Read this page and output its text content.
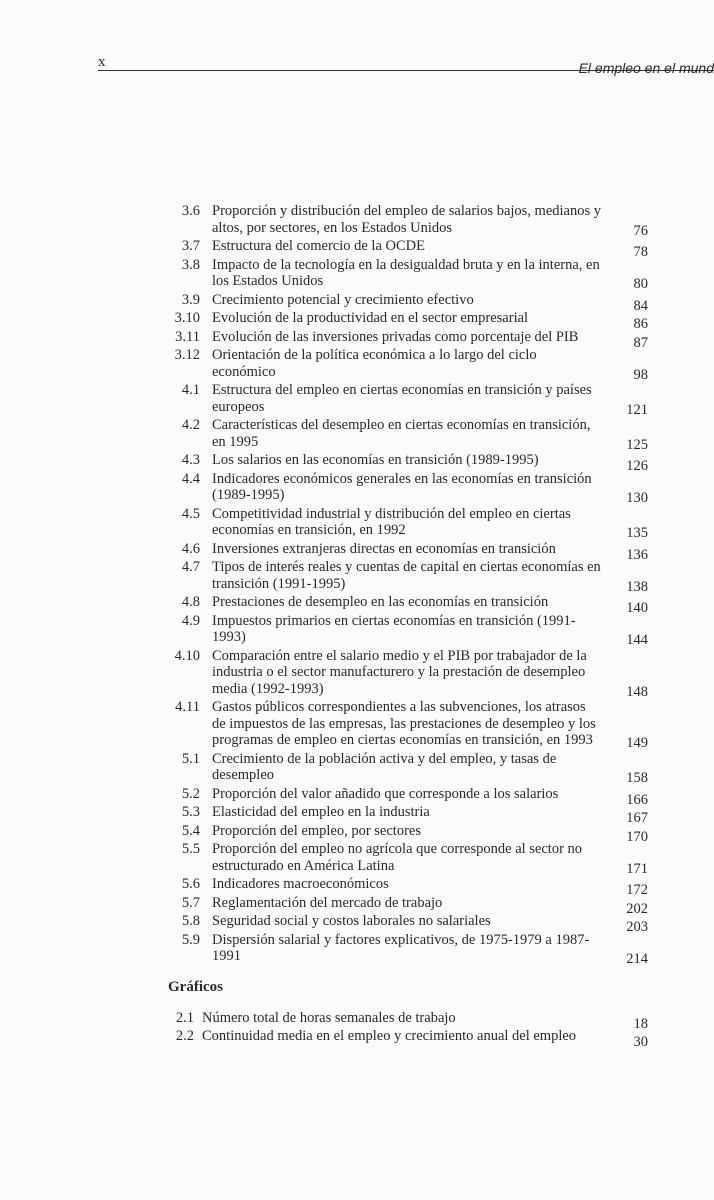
x	El empleo en el mund
3.6 Proporción y distribución del empleo de salarios bajos, medianos y altos, por sectores, en los Estados Unidos	76
3.7 Estructura del comercio de la OCDE	78
3.8 Impacto de la tecnología en la desigualdad bruta y en la interna, en los Estados Unidos	80
3.9 Crecimiento potencial y crecimiento efectivo	84
3.10 Evolución de la productividad en el sector empresarial	86
3.11 Evolución de las inversiones privadas como porcentaje del PIB	87
3.12 Orientación de la política económica a lo largo del ciclo económico	98
4.1 Estructura del empleo en ciertas economías en transición y países europeos	121
4.2 Características del desempleo en ciertas economías en transición, en 1995	125
4.3 Los salarios en las economías en transición (1989-1995)	126
4.4 Indicadores económicos generales en las economías en transición (1989-1995)	130
4.5 Competitividad industrial y distribución del empleo en ciertas economías en transición, en 1992	135
4.6 Inversiones extranjeras directas en economías en transición	136
4.7 Tipos de interés reales y cuentas de capital en ciertas economías en transición (1991-1995)	138
4.8 Prestaciones de desempleo en las economías en transición	140
4.9 Impuestos primarios en ciertas economías en transición (1991-1993)	144
4.10 Comparación entre el salario medio y el PIB por trabajador de la industria o el sector manufacturero y la prestación de desempleo media (1992-1993)	148
4.11 Gastos públicos correspondientes a las subvenciones, los atrasos de impuestos de las empresas, las prestaciones de desempleo y los programas de empleo en ciertas economías en transición, en 1993	149
5.1 Crecimiento de la población activa y del empleo, y tasas de desempleo	158
5.2 Proporción del valor añadido que corresponde a los salarios	166
5.3 Elasticidad del empleo en la industria	167
5.4 Proporción del empleo, por sectores	170
5.5 Proporción del empleo no agrícola que corresponde al sector no estructurado en América Latina	171
5.6 Indicadores macroeconómicos	172
5.7 Reglamentación del mercado de trabajo	202
5.8 Seguridad social y costos laborales no salariales	203
5.9 Dispersión salarial y factores explicativos, de 1975-1979 a 1987-1991	214
Gráficos
2.1 Número total de horas semanales de trabajo	18
2.2 Continuidad media en el empleo y crecimiento anual del empleo	30
